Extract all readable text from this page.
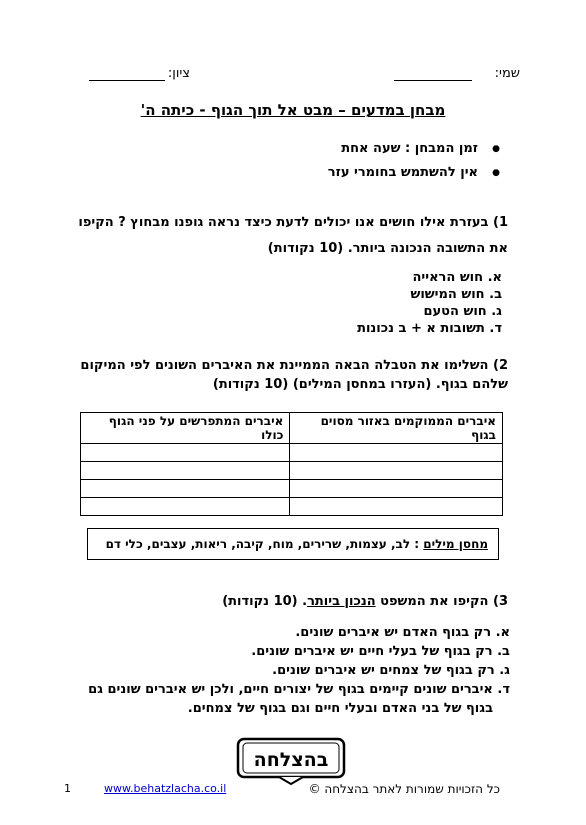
שמי:
ציון:
מבחן במדעים – מבט אל תוך הגוף - כיתה ה'
● זמן המבחן : שעה אחת
● אין להשתמש בחומרי עזר
1) בעזרת אילו חושים אנו יכולים לדעת כיצד נראה גופנו מבחוץ ? הקיפו את התשובה הנכונה ביותר. (10 נקודות)
א. חוש הראייה
ב. חוש המישוש
ג. חוש הטעם
ד. תשובות א + ב נכונות
2) השלימו את הטבלה הבאה הממיינת את האיברים השונים לפי המיקום שלהם בגוף. (העזרו במחסן המילים) (10 נקודות)
איברים הממוקמים באזור מסוים בגוף	איברים המתפרשים על פני הגוף כולו

מחסן מילים : לב, עצמות, שרירים, מוח, קיבה, ריאות, עצבים, כלי דם
3) הקיפו את המשפט הנכון ביותר. (10 נקודות)
א. רק בגוף האדם יש איברים שונים.
ב. רק בגוף של בעלי חיים יש איברים שונים.
ג. רק בגוף של צמחים יש איברים שונים.
ד. איברים שונים קיימים בגוף של יצורים חיים, ולכן יש איברים שונים גם
בגוף של בני האדם ובעלי חיים וגם בגוף של צמחים.
בהצלחה
כל הזכויות שמורות לאתר בהצלחה ©
www.behatzlacha.co.il
1
